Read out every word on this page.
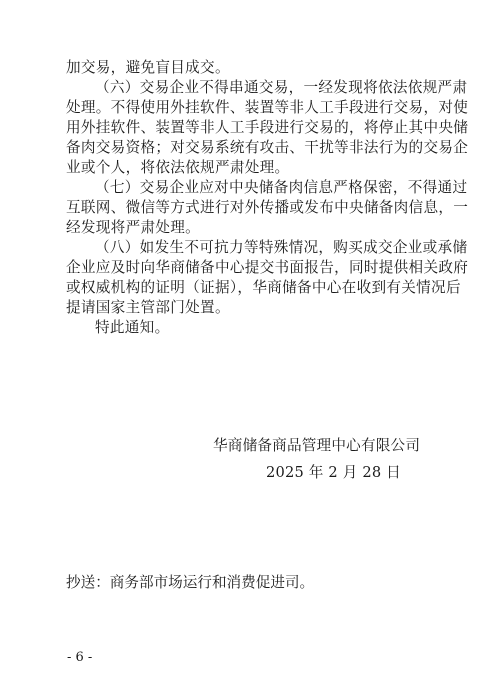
加交易，避免盲目成交。
（六）交易企业不得串通交易，一经发现将依法依规严肃
处理。不得使用外挂软件、装置等非人工手段进行交易，对使
用外挂软件、装置等非人工手段进行交易的，将停止其中央储
备肉交易资格；对交易系统有攻击、干扰等非法行为的交易企
业或个人，将依法依规严肃处理。
（七）交易企业应对中央储备肉信息严格保密，不得通过
互联网、微信等方式进行对外传播或发布中央储备肉信息，一
经发现将严肃处理。
（八）如发生不可抗力等特殊情况，购买成交企业或承储
企业应及时向华商储备中心提交书面报告，同时提供相关政府
或权威机构的证明（证据），华商储备中心在收到有关情况后
提请国家主管部门处置。
特此通知。
华商储备商品管理中心有限公司
2025 年 2 月 28 日
抄送：商务部市场运行和消费促进司。
- 6 -
